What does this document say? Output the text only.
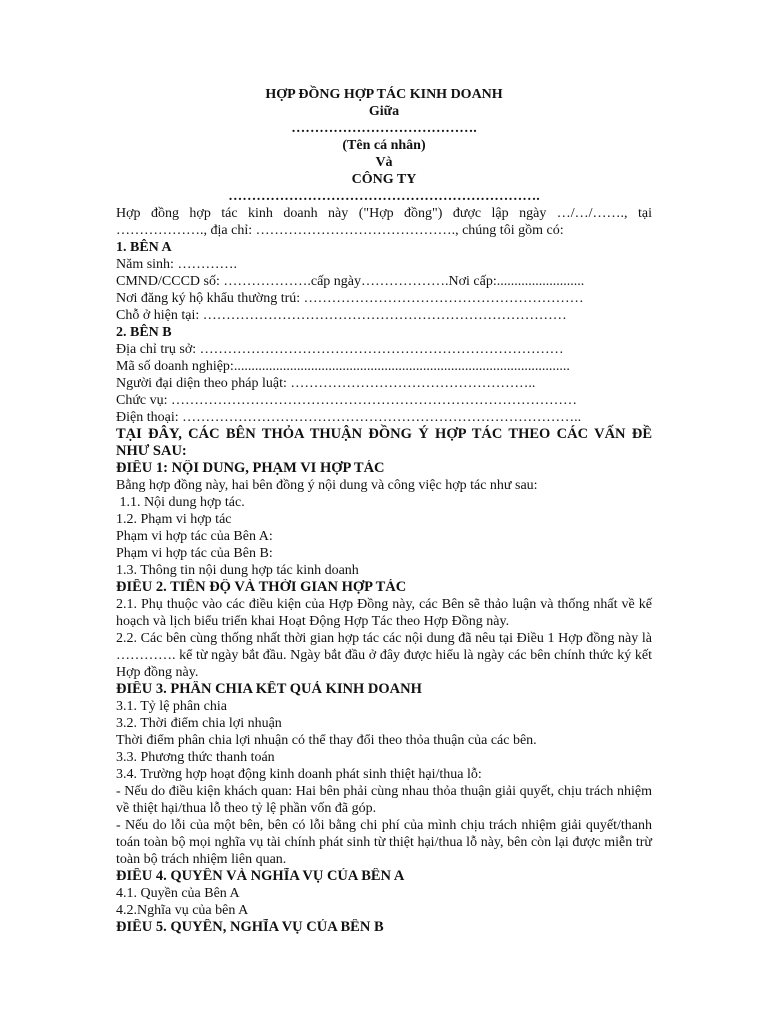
HỢP ĐỒNG HỢP TÁC KINH DOANH
Giữa
………………………………….
(Tên cá nhân)
Và
CÔNG TY
………………………………………………………….
Hợp đồng hợp tác kinh doanh này ("Hợp đồng") được lập ngày …/…/……., tại ………………., địa chỉ: ……………………………………., chúng tôi gồm có:
1. BÊN A
Năm sinh: ………….
CMND/CCCD số: ……………….cấp ngày……………….Nơi cấp:.........................
Nơi đăng ký hộ khẩu thường trú: ……………………………………………………
Chỗ ở hiện tại: ……………………………………………………………………
2. BÊN B
Địa chỉ trụ sở: ……………………………………………………………………
Mã số doanh nghiệp:................................................................................................
Người đại diện theo pháp luật: ……………………………………………..
Chức vụ: ……………………………………………………………………………
Điện thoại: …………………………………………………………………………..
TẠI ĐÂY, CÁC BÊN THỎA THUẬN ĐỒNG Ý HỢP TÁC THEO CÁC VẤN ĐỀ NHƯ SAU:
ĐIỀU 1: NỘI DUNG, PHẠM VI HỢP TÁC
Bằng hợp đồng này, hai bên đồng ý nội dung và công việc hợp tác như sau:
1.1. Nội dung hợp tác.
1.2. Phạm vi hợp tác
Phạm vi hợp tác của Bên A:
Phạm vi hợp tác của Bên B:
1.3. Thông tin nội dung hợp tác kinh doanh
ĐIỀU 2. TIẾN ĐỘ VÀ THỜI GIAN HỢP TÁC
2.1. Phụ thuộc vào các điều kiện của Hợp Đồng này, các Bên sẽ thảo luận và thống nhất về kế hoạch và lịch biểu triển khai Hoạt Động Hợp Tác theo Hợp Đồng này.
2.2. Các bên cùng thống nhất thời gian hợp tác các nội dung đã nêu tại Điều 1 Hợp đồng này là …………. kể từ ngày bắt đầu. Ngày bắt đầu ở đây được hiểu là ngày các bên chính thức ký kết Hợp đồng này.
ĐIỀU 3. PHÂN CHIA KẾT QUẢ KINH DOANH
3.1. Tỷ lệ phân chia
3.2. Thời điểm chia lợi nhuận
Thời điểm phân chia lợi nhuận có thể thay đổi theo thỏa thuận của các bên.
3.3. Phương thức thanh toán
3.4. Trường hợp hoạt động kinh doanh phát sinh thiệt hại/thua lỗ:
- Nếu do điều kiện khách quan: Hai bên phải cùng nhau thỏa thuận giải quyết, chịu trách nhiệm về thiệt hại/thua lỗ theo tỷ lệ phần vốn đã góp.
- Nếu do lỗi của một bên, bên có lỗi bằng chi phí của mình chịu trách nhiệm giải quyết/thanh toán toàn bộ mọi nghĩa vụ tài chính phát sinh từ thiệt hại/thua lỗ này, bên còn lại được miễn trừ toàn bộ trách nhiệm liên quan.
ĐIỀU 4. QUYỀN VÀ NGHĨA VỤ CỦA BÊN A
4.1. Quyền của Bên A
4.2.Nghĩa vụ của bên A
ĐIỀU 5. QUYỀN, NGHĨA VỤ CỦA BÊN B
